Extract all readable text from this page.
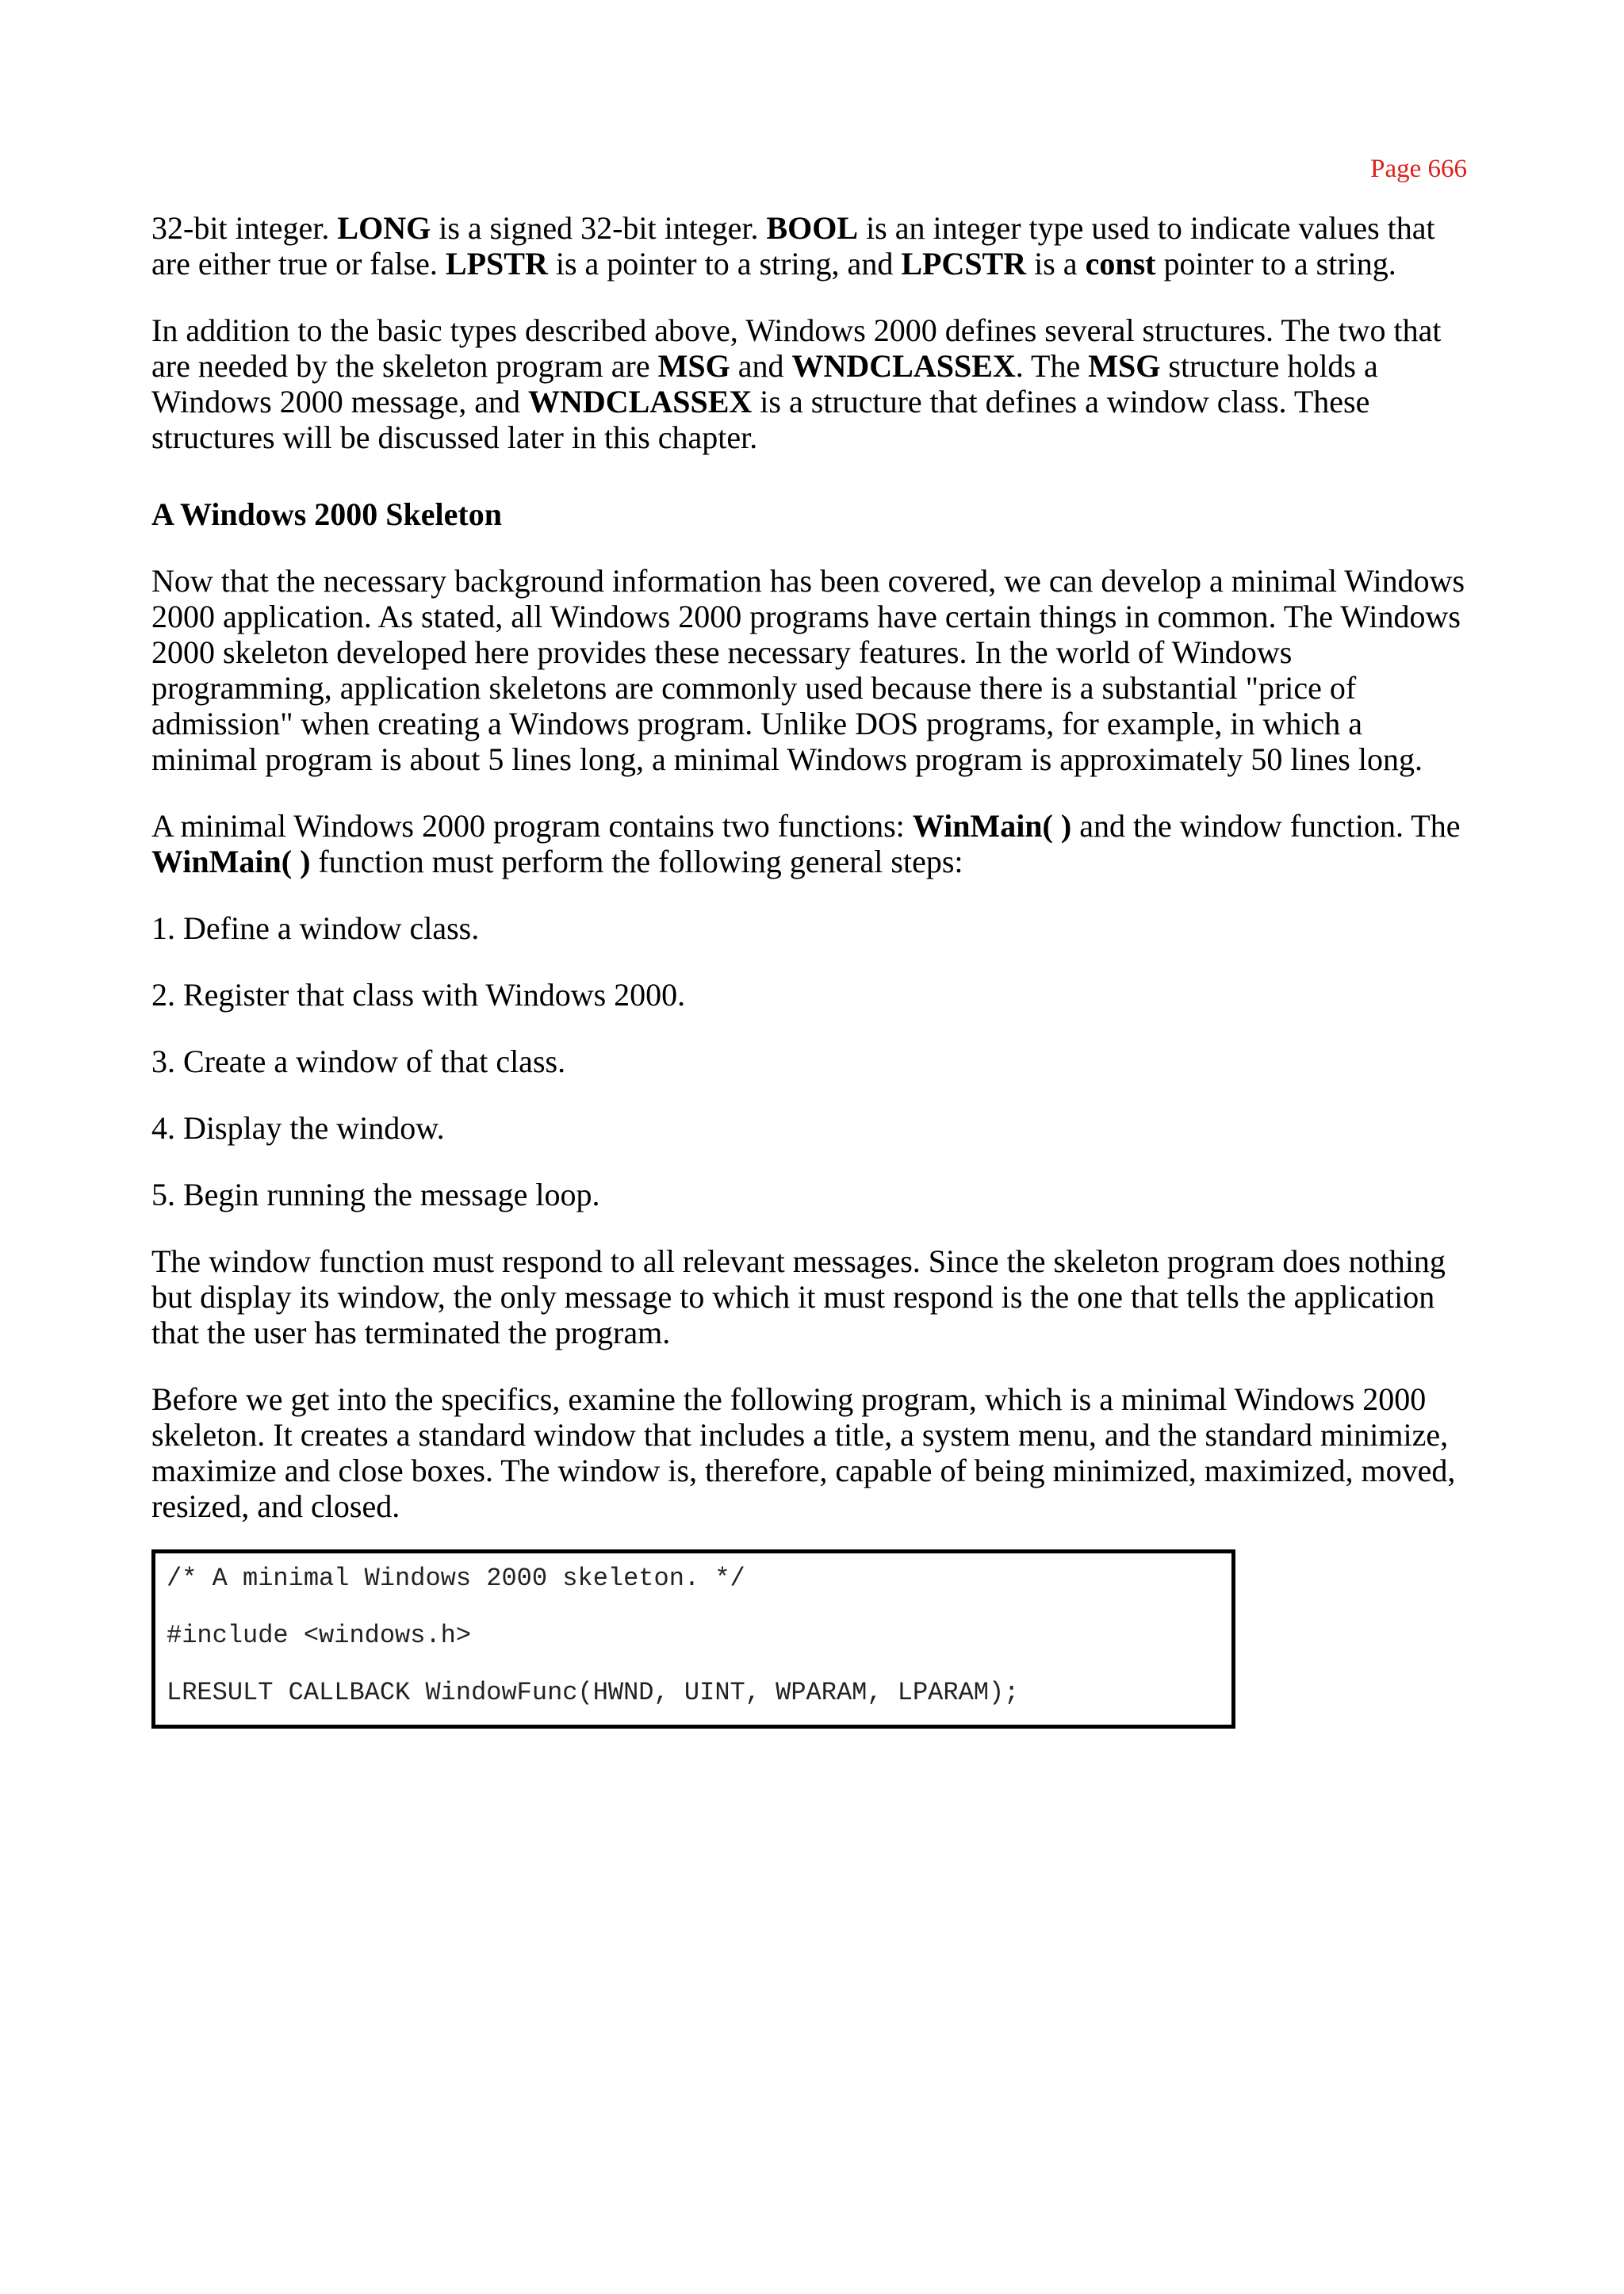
Page 666

32-bit integer. LONG is a signed 32-bit integer. BOOL is an integer type used to indicate values that are either true or false. LPSTR is a pointer to a string, and LPCSTR is a const pointer to a string.

In addition to the basic types described above, Windows 2000 defines several structures. The two that are needed by the skeleton program are MSG and WNDCLASSEX. The MSG structure holds a Windows 2000 message, and WNDCLASSEX is a structure that defines a window class. These structures will be discussed later in this chapter.

A Windows 2000 Skeleton

Now that the necessary background information has been covered, we can develop a minimal Windows 2000 application. As stated, all Windows 2000 programs have certain things in common. The Windows 2000 skeleton developed here provides these necessary features. In the world of Windows programming, application skeletons are commonly used because there is a substantial "price of admission" when creating a Windows program. Unlike DOS programs, for example, in which a minimal program is about 5 lines long, a minimal Windows program is approximately 50 lines long.

A minimal Windows 2000 program contains two functions: WinMain( ) and the window function. The WinMain( ) function must perform the following general steps:

1. Define a window class.
2. Register that class with Windows 2000.
3. Create a window of that class.
4. Display the window.
5. Begin running the message loop.

The window function must respond to all relevant messages. Since the skeleton program does nothing but display its window, the only message to which it must respond is the one that tells the application that the user has terminated the program.

Before we get into the specifics, examine the following program, which is a minimal Windows 2000 skeleton. It creates a standard window that includes a title, a system menu, and the standard minimize, maximize and close boxes. The window is, therefore, capable of being minimized, maximized, moved, resized, and closed.

/* A minimal Windows 2000 skeleton. */
#include <windows.h>
LRESULT CALLBACK WindowFunc(HWND, UINT, WPARAM, LPARAM);
